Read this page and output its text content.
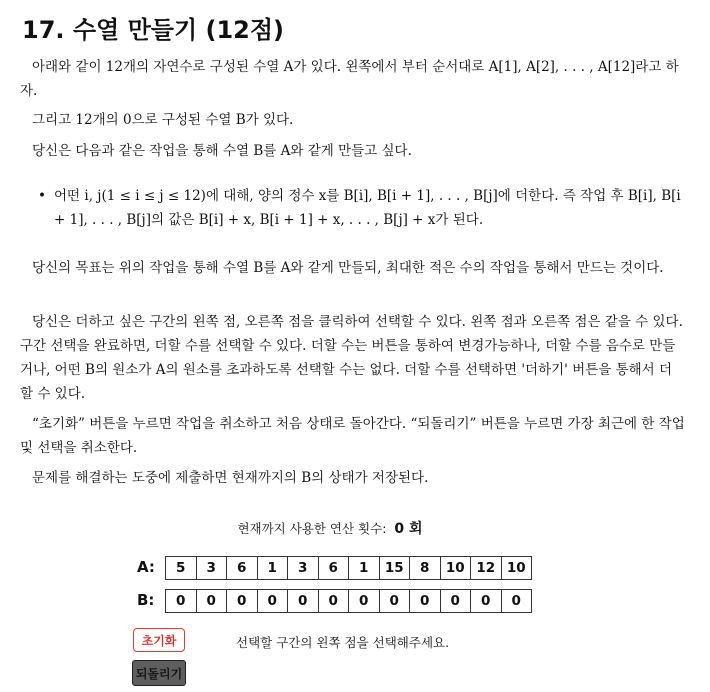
17. 수열 만들기 (12점)

아래와 같이 12개의 자연수로 구성된 수열 A가 있다. 왼쪽에서 부터 순서대로 A[1], A[2], . . . , A[12]라고 하자.

그리고 12개의 0으로 구성된 수열 B가 있다.

당신은 다음과 같은 작업을 통해 수열 B를 A와 같게 만들고 싶다.

• 어떤 i, j(1 ≤ i ≤ j ≤ 12)에 대해, 양의 정수 x를 B[i], B[i + 1], . . . , B[j]에 더한다. 즉 작업 후 B[i], B[i + 1], . . . , B[j]의 값은 B[i] + x, B[i + 1] + x, . . . , B[j] + x가 된다.

당신의 목표는 위의 작업을 통해 수열 B를 A와 같게 만들되, 최대한 적은 수의 작업을 통해서 만드는 것이다.

당신은 더하고 싶은 구간의 왼쪽 점, 오른쪽 점을 클릭하여 선택할 수 있다. 왼쪽 점과 오른쪽 점은 같을 수 있다. 구간 선택을 완료하면, 더할 수를 선택할 수 있다. 더할 수는 버튼을 통하여 변경가능하나, 더할 수를 음수로 만들거나, 어떤 B의 원소가 A의 원소를 초과하도록 선택할 수는 없다. 더할 수를 선택하면 '더하기' 버튼을 통해서 더할 수 있다.

“초기화” 버튼을 누르면 작업을 취소하고 처음 상태로 돌아간다. “되돌리기” 버튼을 누르면 가장 최근에 한 작업 및 선택을 취소한다.

문제를 해결하는 도중에 제출하면 현재까지의 B의 상태가 저장된다.

현재까지 사용한 연산 횟수: 0 회
A:	5	3	6	1	3	6	1	15	8	10 12 10
B:	0	0	0	0	0	0	0	0	0	0	0	0
초기화	선택할 구간의 왼쪽 점을 선택해주세요.
되돌리기
